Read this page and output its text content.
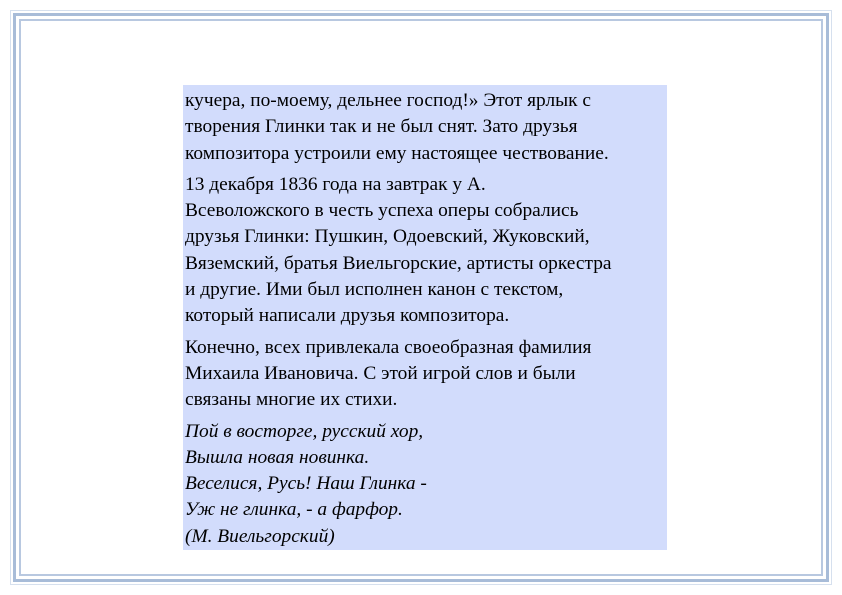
кучера, по-моему, дельнее господ!» Этот ярлык с
творения Глинки так и не был снят. Зато друзья
композитора устроили ему настоящее чествование.

13 декабря 1836 года на завтрак у А.
Всеволожского в честь успеха оперы собрались
друзья Глинки: Пушкин, Одоевский, Жуковский,
Вяземский, братья Виельгорские, артисты оркестра
и другие. Ими был исполнен канон с текстом,
который написали друзья композитора.

Конечно, всех привлекала своеобразная фамилия
Михаила Ивановича. С этой игрой слов и были
связаны многие их стихи.

Пой в восторге, русский хор,
Вышла новая новинка.
Веселися, Русь! Наш Глинка -
Уж не глинка, - а фарфор.
(М. Виельгорский)
